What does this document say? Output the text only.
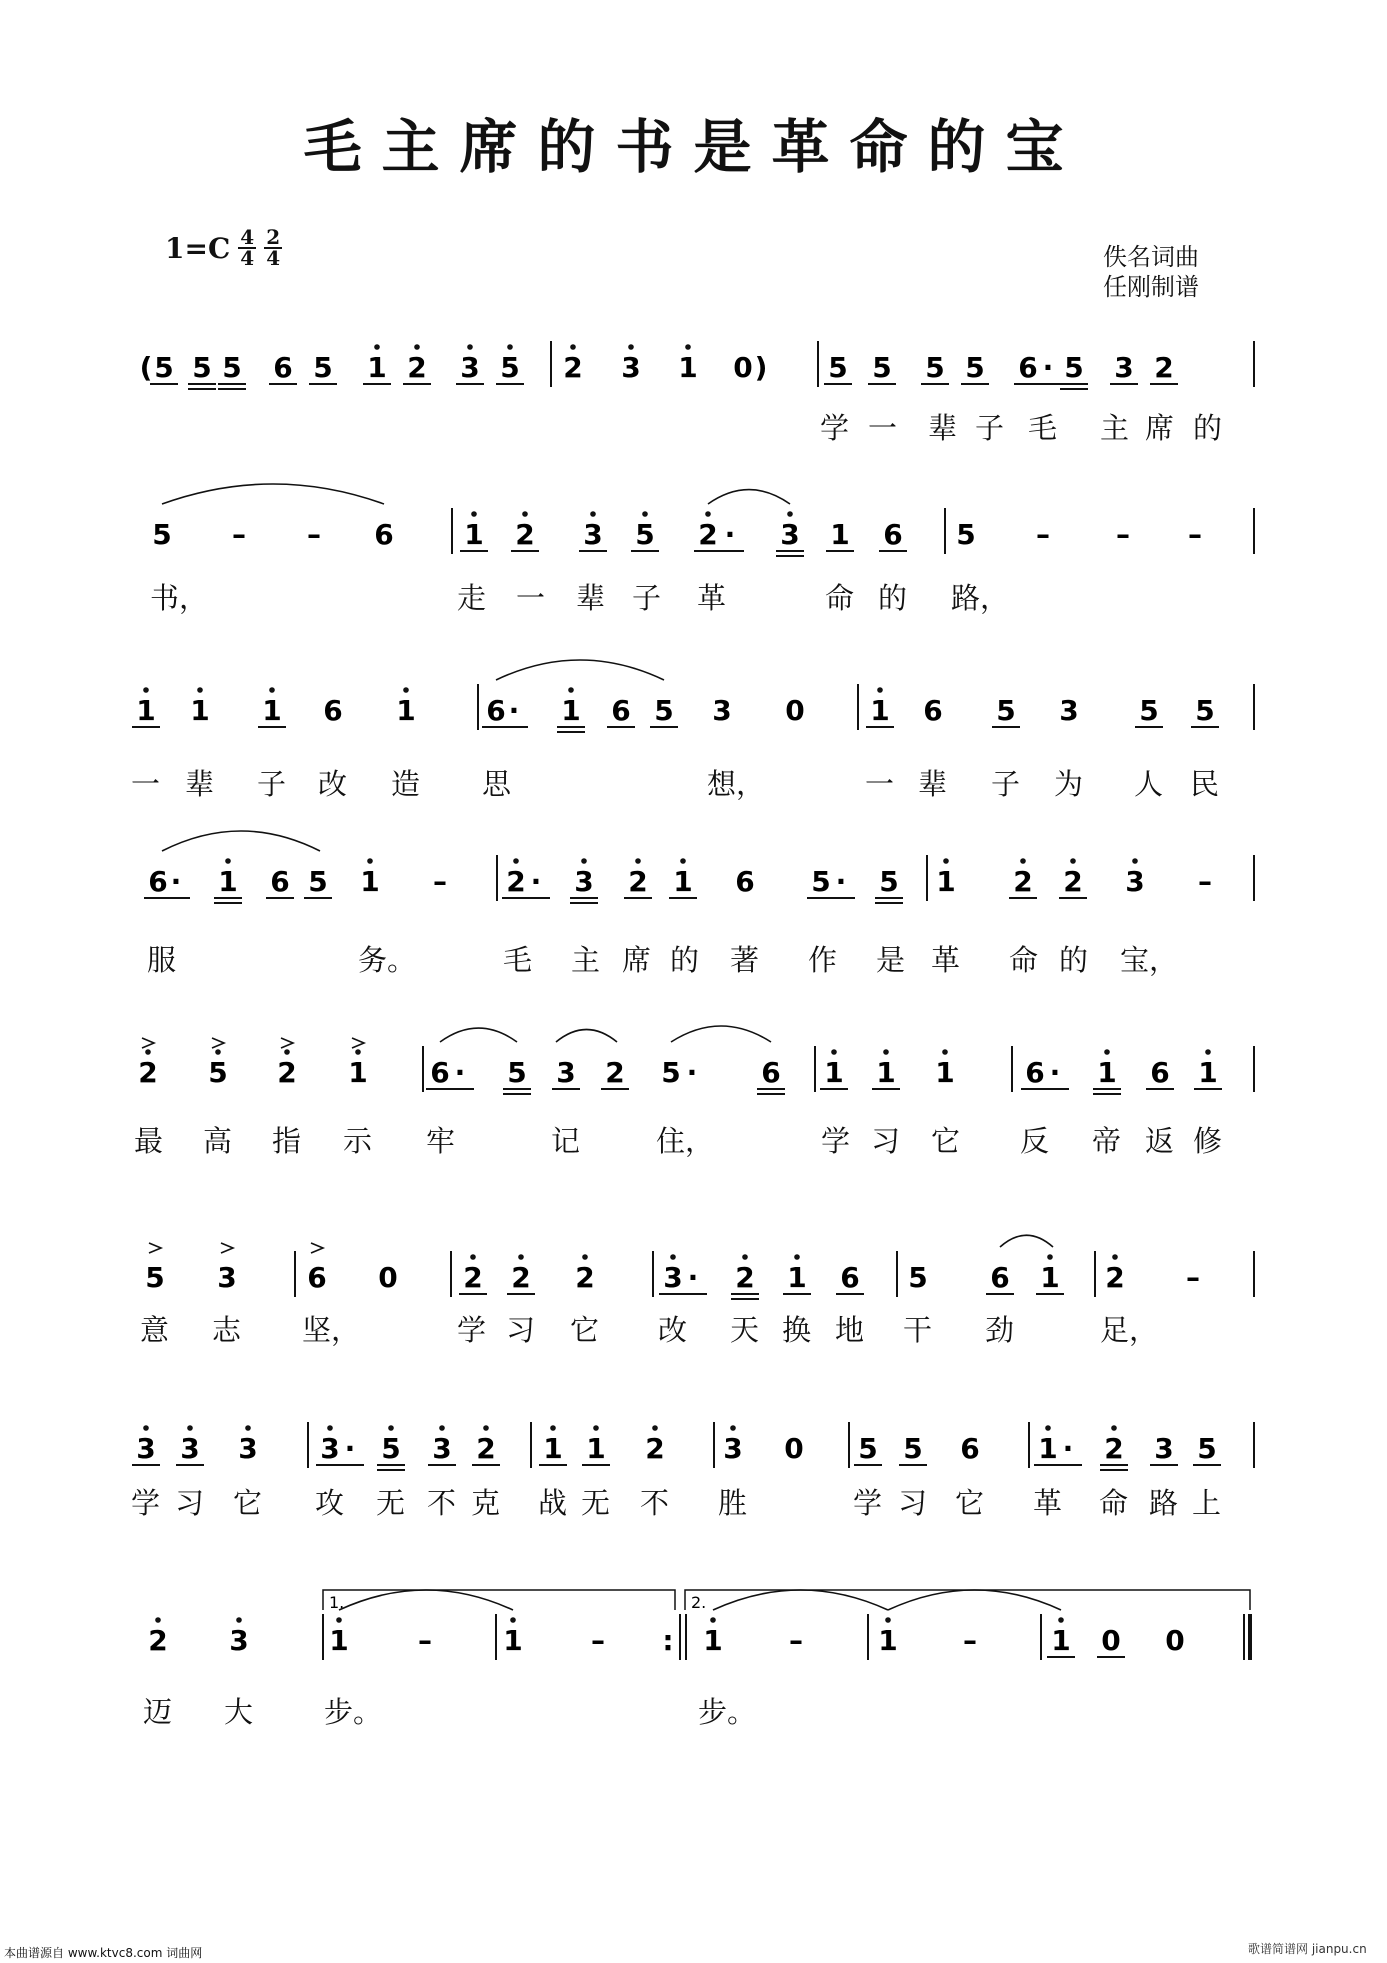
毛主席的书是革命的宝
$1=C \frac{4}{4} \frac{2}{4}$	佚名词曲
任刚制谱
( 5 5 5 6 5 1 2 3 5 2 3 1 0 ) 5 5 5 5 6 · 5 3 2
5 – – 6	1 2 3 5 2 · 3 1 6 5 – – –
1 1 1 6 1	6 · 1 6 5 3 0 1 6 5 3 5 5
6 · 1 6 5 1 – 2 · 3 2 1 6 5 · 5 1 2 2 3 –
2 5 2 1 6 · 5 3 2 5 · 6 1 1 1	6 · 1 6 1
5 3	6 0 2 2 2 3 · 2 1 6 5 6 1 2 –
3 3 3 3 · 5 3 2 1 1 2 3 0 5 5 6 1 · 2 3 5
1.	2.
2 3	1 –	1 – : 1 –	1 –	1 0 0
学 一 辈 子 毛 主 席 的
书，	走 一 辈 子 革	命 的 路，
一 辈 子 改 造 思	想，	一 辈 子 为 人 民
服	务。	毛 主 席 的 著 作 是 革 命 的 宝，
最 高 指 示 牢	记	住，	学 习 它 反 帝 返 修
意 志 坚，	学 习 它 改 天 换 地 干 劲	足，
学 习 它 攻 无 不 克 战 无 不 胜	学 习 它 革 命 路 上
迈 大 步。	步。
本曲谱源自 www.ktvc8.com 词曲网	歌谱简谱网 jianpu.cn
